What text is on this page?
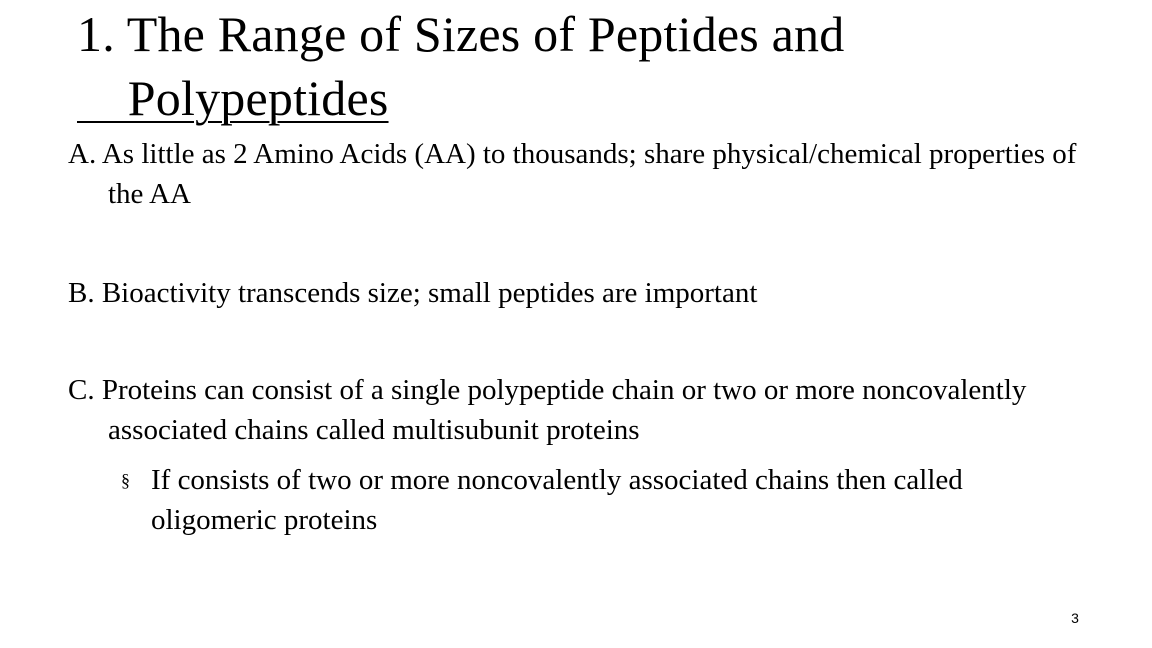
1. The Range of Sizes of Peptides and
Polypeptides
A. As little as 2 Amino Acids (AA) to thousands; share physical/chemical properties of the AA
B. Bioactivity transcends size; small peptides are important
C. Proteins can consist of a single polypeptide chain or two or more noncovalently associated chains called multisubunit proteins
§ If consists of two or more noncovalently associated chains then called oligomeric proteins
3
